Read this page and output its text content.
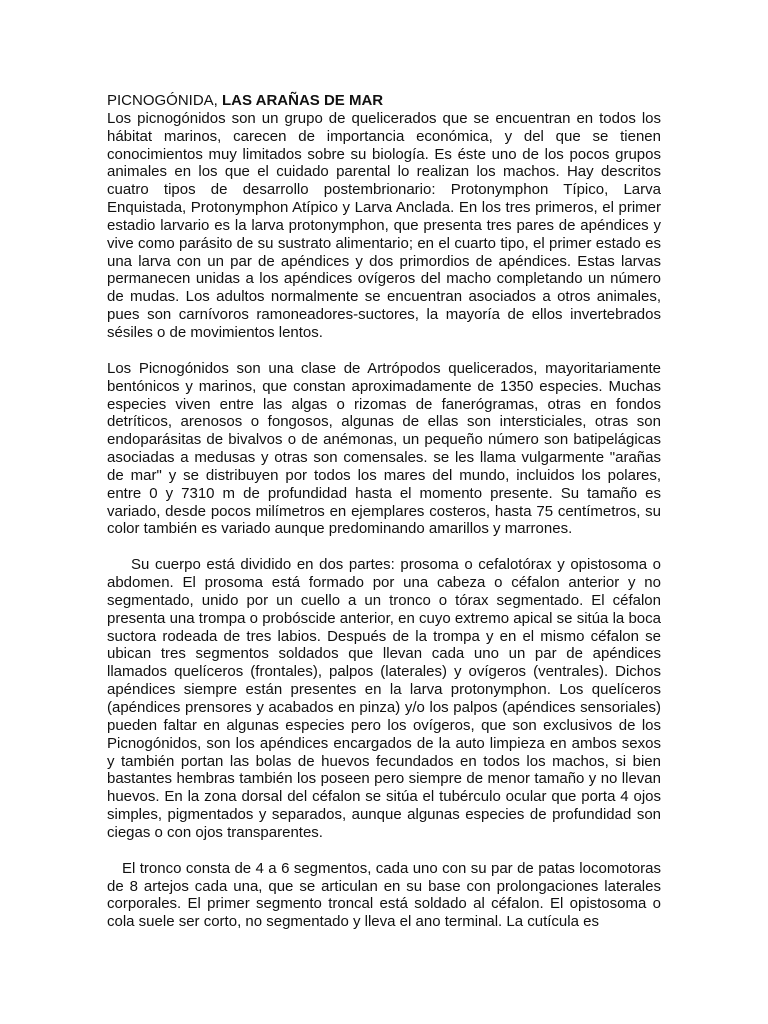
PICNOGÓNIDA, LAS ARAÑAS DE MAR

Los picnogónidos son un grupo de quelicerados que se encuentran en todos los hábitat marinos, carecen de importancia económica, y del que se tienen conocimientos muy limitados sobre su biología. Es éste uno de los pocos grupos animales en los que el cuidado parental lo realizan los machos. Hay descritos cuatro tipos de desarrollo postembrionario: Protonymphon Típico, Larva Enquistada, Protonymphon Atípico y Larva Anclada. En los tres primeros, el primer estadio larvario es la larva protonymphon, que presenta tres pares de apéndices y vive como parásito de su sustrato alimentario; en el cuarto tipo, el primer estado es una larva con un par de apéndices y dos primordios de apéndices. Estas larvas permanecen unidas a los apéndices ovígeros del macho completando un número de mudas. Los adultos normalmente se encuentran asociados a otros animales, pues son carnívoros ramoneadores-suctores, la mayoría de ellos invertebrados sésiles o de movimientos lentos.

Los Picnogónidos son una clase de Artrópodos quelicerados, mayoritariamente bentónicos y marinos, que constan aproximadamente de 1350 especies. Muchas especies viven entre las algas o rizomas de fanerógramas, otras en fondos detríticos, arenosos o fongosos, algunas de ellas son intersticiales, otras son endoparásitas de bivalvos o de anémonas, un pequeño número son batipelágicas asociadas a medusas y otras son comensales. se les llama vulgarmente "arañas de mar" y se distribuyen por todos los mares del mundo, incluidos los polares, entre 0 y 7310 m de profundidad hasta el momento presente. Su tamaño es variado, desde pocos milímetros en ejemplares costeros, hasta 75 centímetros, su color también es variado aunque predominando amarillos y marrones.

Su cuerpo está dividido en dos partes: prosoma o cefalotórax y opistosoma o abdomen. El prosoma está formado por una cabeza o céfalon anterior y no segmentado, unido por un cuello a un tronco o tórax segmentado. El céfalon presenta una trompa o probóscide anterior, en cuyo extremo apical se sitúa la boca suctora rodeada de tres labios. Después de la trompa y en el mismo céfalon se ubican tres segmentos soldados que llevan cada uno un par de apéndices llamados quelíceros (frontales), palpos (laterales) y ovígeros (ventrales). Dichos apéndices siempre están presentes en la larva protonymphon. Los quelíceros (apéndices prensores y acabados en pinza) y/o los palpos (apéndices sensoriales) pueden faltar en algunas especies pero los ovígeros, que son exclusivos de los Picnogónidos, son los apéndices encargados de la auto limpieza en ambos sexos y también portan las bolas de huevos fecundados en todos los machos, si bien bastantes hembras también los poseen pero siempre de menor tamaño y no llevan huevos. En la zona dorsal del céfalon se sitúa el tubérculo ocular que porta 4 ojos simples, pigmentados y separados, aunque algunas especies de profundidad son ciegas o con ojos transparentes.

El tronco consta de 4 a 6 segmentos, cada uno con su par de patas locomotoras de 8 artejos cada una, que se articulan en su base con prolongaciones laterales corporales. El primer segmento troncal está soldado al céfalon. El opistosoma o cola suele ser corto, no segmentado y lleva el ano terminal. La cutícula es
